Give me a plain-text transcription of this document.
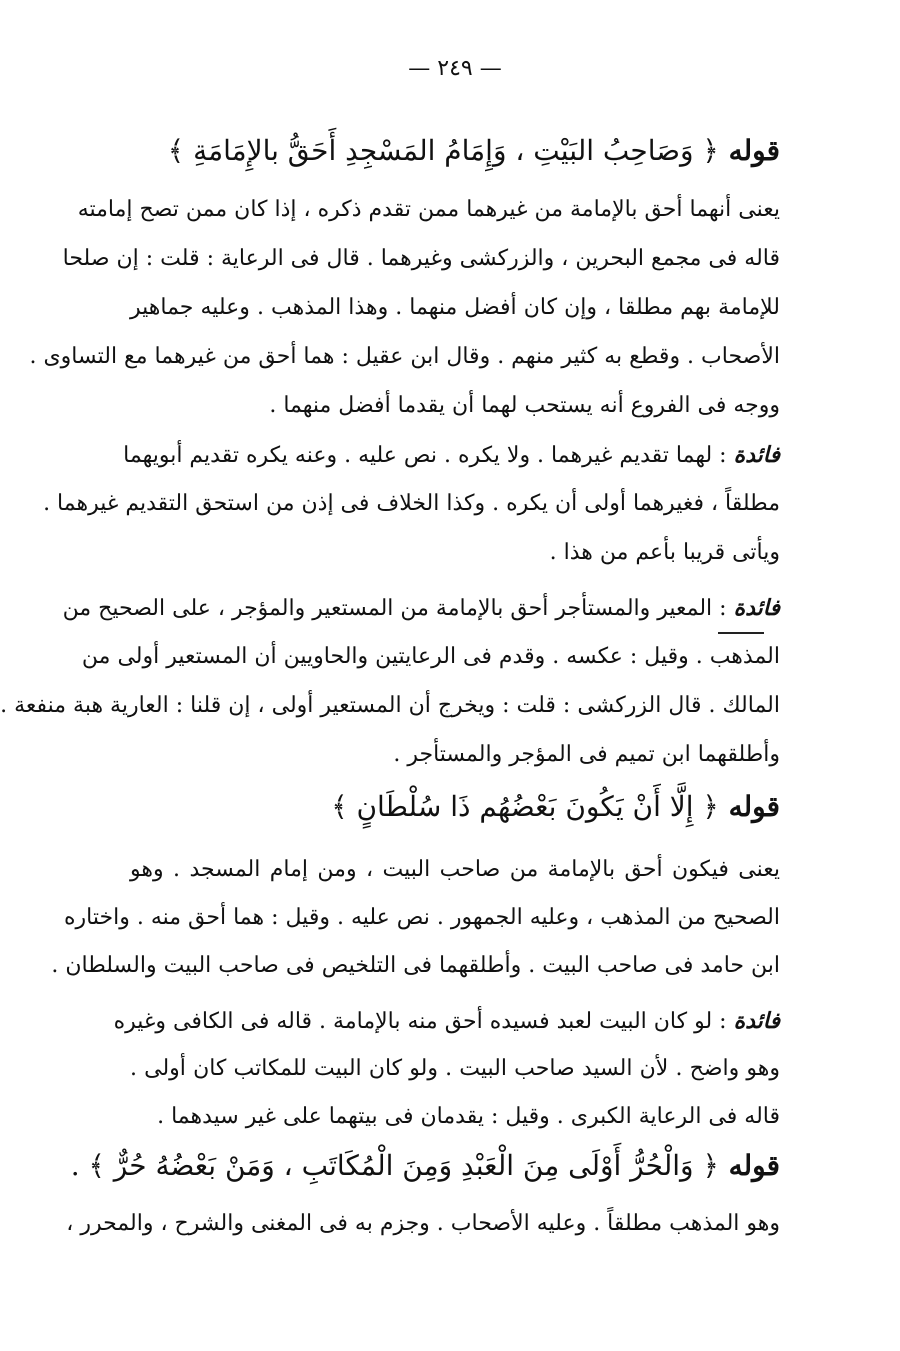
— ٢٤٩ —
قوله ﴿ وَصَاحِبُ البَيْتِ ، وَإِمَامُ المَسْجِدِ أَحَقُّ بالإِمَامَةِ ﴾
يعنى أنهما أحق بالإمامة من غيرهما ممن تقدم ذكره ، إذا كان ممن تصح إمامته
قاله فى مجمع البحرين ، والزركشى وغيرهما . قال فى الرعاية : قلت : إن صلحا
للإمامة بهم مطلقا ، وإن كان أفضل منهما . وهذا المذهب . وعليه جماهير
الأصحاب . وقطع به كثير منهم . وقال ابن عقيل : هما أحق من غيرهما مع التساوى .
ووجه فى الفروع أنه يستحب لهما أن يقدما أفضل منهما .
فائدة : لهما تقديم غيرهما . ولا يكره . نص عليه . وعنه يكره تقديم أبويهما
مطلقاً ، فغيرهما أولى أن يكره . وكذا الخلاف فى إذن من استحق التقديم غيرهما .
ويأتى قريبا بأعم من هذا .
فائدة : المعير والمستأجر أحق بالإمامة من المستعير والمؤجر ، على الصحيح من
المذهب . وقيل : عكسه . وقدم فى الرعايتين والحاويين أن المستعير أولى من
المالك . قال الزركشى : قلت : ويخرج أن المستعير أولى ، إن قلنا : العارية هبة منفعة .
وأطلقهما ابن تميم فى المؤجر والمستأجر .
قوله ﴿ إِلَّا أَنْ يَكُونَ بَعْضُهُم ذَا سُلْطَانٍ ﴾
يعنى فيكون أحق بالإمامة من صاحب البيت ، ومن إمام المسجد . وهو
الصحيح من المذهب ، وعليه الجمهور . نص عليه . وقيل : هما أحق منه . واختاره
ابن حامد فى صاحب البيت . وأطلقهما فى التلخيص فى صاحب البيت والسلطان .
فائدة : لو كان البيت لعبد فسيده أحق منه بالإمامة . قاله فى الكافى وغيره
وهو واضح . لأن السيد صاحب البيت . ولو كان البيت للمكاتب كان أولى .
قاله فى الرعاية الكبرى . وقيل : يقدمان فى بيتهما على غير سيدهما .
قوله ﴿ وَالْحُرُّ أَوْلَى مِنَ الْعَبْدِ وَمِنَ الْمُكَاتَبِ ، وَمَنْ بَعْضُهُ حُرٌّ ﴾ .
وهو المذهب مطلقاً . وعليه الأصحاب . وجزم به فى المغنى والشرح ، والمحرر ،
